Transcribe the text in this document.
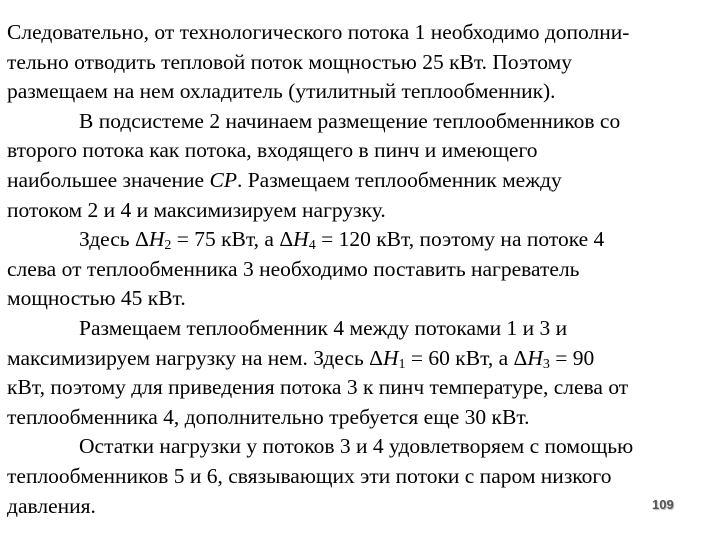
Следовательно, от технологического потока 1 необходимо дополни-
тельно отводить тепловой поток мощностью 25 кВт. Поэтому
размещаем на нем охладитель (утилитный теплообменник).

В подсистеме 2 начинаем размещение теплообменников со
второго потока как потока, входящего в пинч и имеющего
наибольшее значение CP. Размещаем теплообменник между
потоком 2 и 4 и максимизируем нагрузку.

Здесь $\Delta H_2 = 75$ кВт, а $\Delta H_4 = 120$ кВт, поэтому на потоке 4
слева от теплообменника 3 необходимо поставить нагреватель
мощностью 45 кВт.

Размещаем теплообменник 4 между потоками 1 и 3 и
максимизируем нагрузку на нем. Здесь $\Delta H_1 = 60$ кВт, а $\Delta H_3 = 90$
кВт, поэтому для приведения потока 3 к пинч температуре, слева от
теплообменника 4, дополнительно требуется еще 30 кВт.

Остатки нагрузки у потоков 3 и 4 удовлетворяем с помощью
теплообменников 5 и 6, связывающих эти потоки с паром низкого
давления.	109
